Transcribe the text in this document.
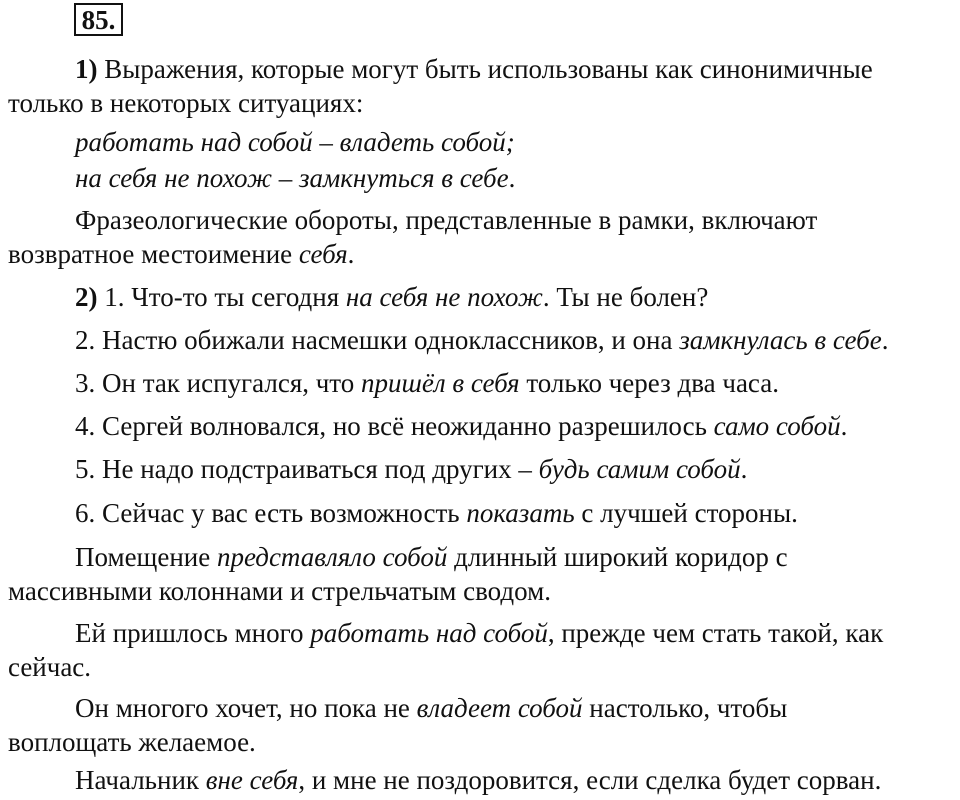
85.

1) Выражения, которые могут быть использованы как синонимичные

только в некоторых ситуациях:

работать над собой – владеть собой;

на себя не похож – замкнуться в себе.

Фразеологические обороты, представленные в рамки, включают

возвратное местоимение себя.

2) 1. Что-то ты сегодня на себя не похож. Ты не болен?

2. Настю обижали насмешки одноклассников, и она замкнулась в себе.

3. Он так испугался, что пришёл в себя только через два часа.

4. Сергей волновался, но всё неожиданно разрешилось само собой.

5. Не надо подстраиваться под других – будь самим собой.

6. Сейчас у вас есть возможность показать с лучшей стороны.

Помещение представляло собой длинный широкий коридор с

массивными колоннами и стрельчатым сводом.

Ей пришлось много работать над собой, прежде чем стать такой, как

сейчас.

Он многого хочет, но пока не владеет собой настолько, чтобы

воплощать желаемое.

Начальник вне себя, и мне не поздоровится, если сделка будет сорван.
